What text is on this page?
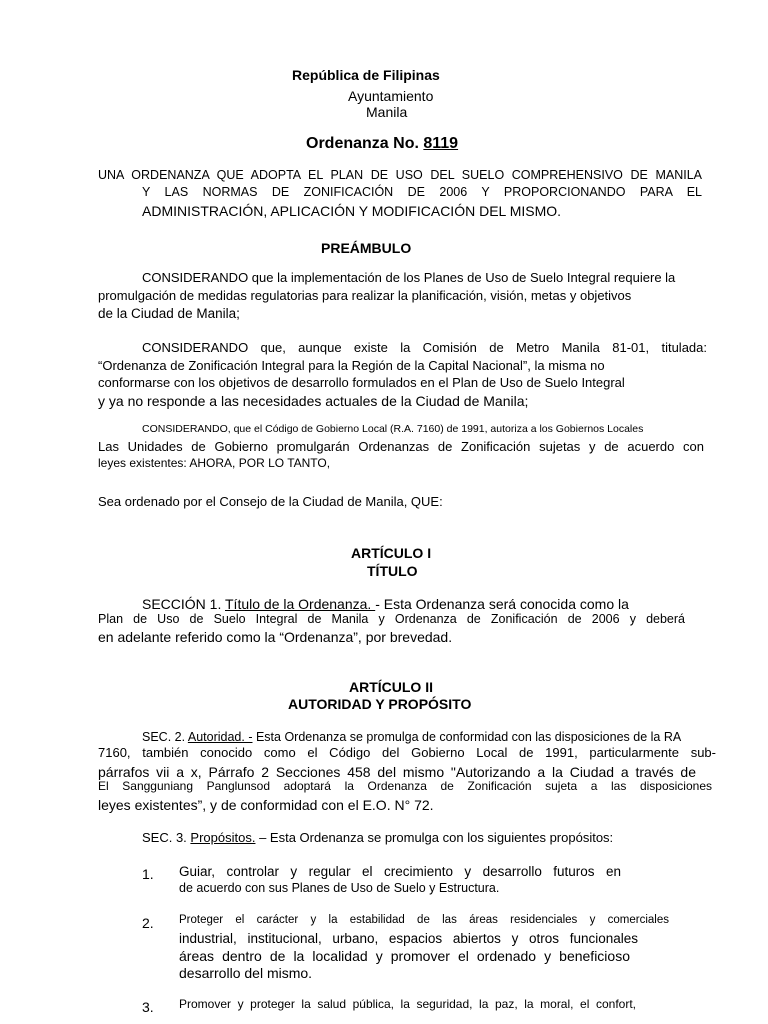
República de Filipinas
Ayuntamiento
Manila
Ordenanza No. 8119
UNA ORDENANZA QUE ADOPTA EL PLAN DE USO DEL SUELO COMPREHENSIVO DE MANILA
Y LAS NORMAS DE ZONIFICACIÓN DE 2006 Y PROPORCIONANDO PARA EL
ADMINISTRACIÓN, APLICACIÓN Y MODIFICACIÓN DEL MISMO.
PREÁMBULO
CONSIDERANDO que la implementación de los Planes de Uso de Suelo Integral requiere la
promulgación de medidas regulatorias para realizar la planificación, visión, metas y objetivos
de la Ciudad de Manila;
CONSIDERANDO que, aunque existe la Comisión de Metro Manila 81-01, titulada:
“Ordenanza de Zonificación Integral para la Región de la Capital Nacional”, la misma no
conformarse con los objetivos de desarrollo formulados en el Plan de Uso de Suelo Integral
y ya no responde a las necesidades actuales de la Ciudad de Manila;
CONSIDERANDO, que el Código de Gobierno Local (R.A. 7160) de 1991, autoriza a los Gobiernos Locales
Las Unidades de Gobierno promulgarán Ordenanzas de Zonificación sujetas y de acuerdo con
leyes existentes: AHORA, POR LO TANTO,
Sea ordenado por el Consejo de la Ciudad de Manila, QUE:
ARTÍCULO I
TÍTULO
SECCIÓN 1. Título de la Ordenanza. - Esta Ordenanza será conocida como la
Plan de Uso de Suelo Integral de Manila y Ordenanza de Zonificación de 2006 y deberá
en adelante referido como la “Ordenanza”, por brevedad.
ARTÍCULO II
AUTORIDAD Y PROPÓSITO
SEC. 2. Autoridad. - Esta Ordenanza se promulga de conformidad con las disposiciones de la RA
7160, también conocido como el Código del Gobierno Local de 1991, particularmente sub-
párrafos vii a x, Párrafo 2 Secciones 458 del mismo "Autorizando a la Ciudad a través de
El Sangguniang Panglunsod adoptará la Ordenanza de Zonificación sujeta a las disposiciones
leyes existentes”, y de conformidad con el E.O. N° 72.
SEC. 3. Propósitos. – Esta Ordenanza se promulga con los siguientes propósitos:
1. Guiar, controlar y regular el crecimiento y desarrollo futuros en
de acuerdo con sus Planes de Uso de Suelo y Estructura.
2. Proteger el carácter y la estabilidad de las áreas residenciales y comerciales
industrial, institucional, urbano, espacios abiertos y otros funcionales
áreas dentro de la localidad y promover el ordenado y beneficioso
desarrollo del mismo.
3. Promover y proteger la salud pública, la seguridad, la paz, la moral, el confort,
